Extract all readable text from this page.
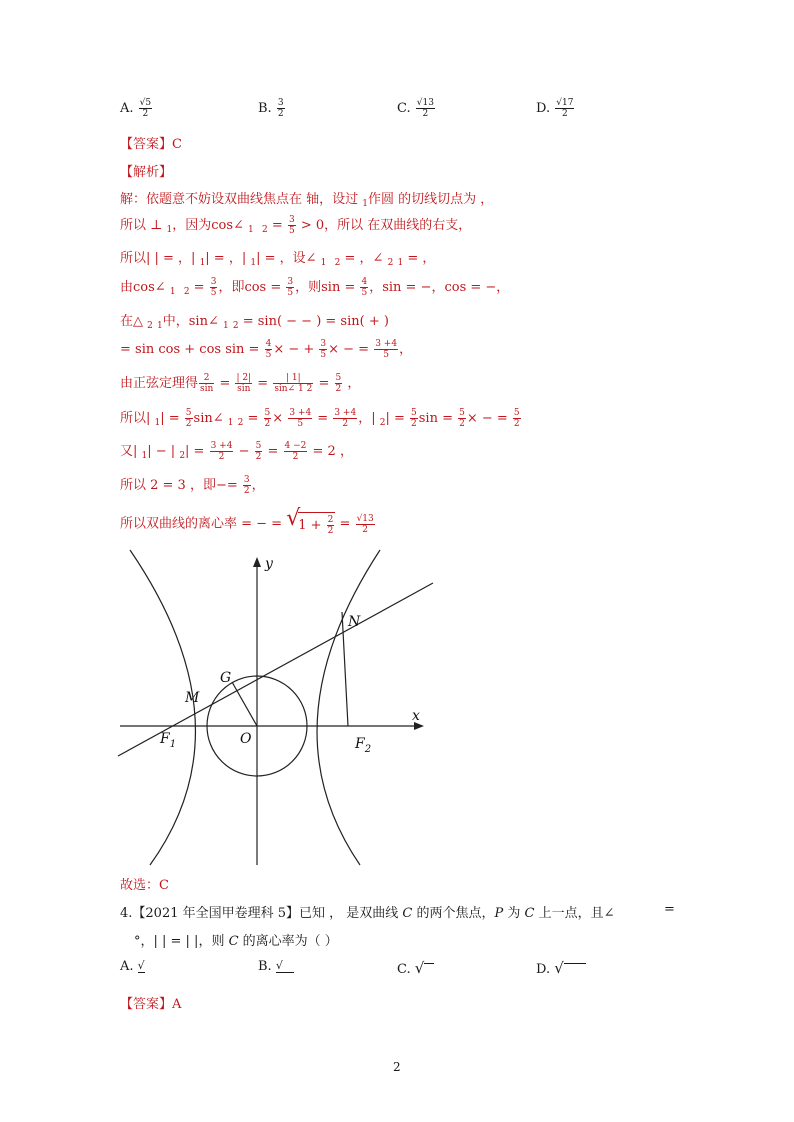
A. $\frac{√5}{2}$	B. $\frac{3}{2}$	C. $\frac{√13}{2}$	D. $\frac{√17}{2}$
【答案】C
【解析】
解：依题意不妨设双曲线焦点在 轴，设过 $_1$作圆 的切线切点为 ，
所以 ⊥ $_1$，因为cos∠ $_1$ $_2 = \frac{3}{5} > 0$，所以 在双曲线的右支，
所以| | = ，| $_1$| = ，| $_1$| = ，设∠ $_1$ $_2$ = ，∠ $_2$ $_1$ = ，
由cos∠ $_1$ $_2 = \frac{3}{5}$ ，即$\cos = \frac{3}{5}$ ，则$\sin = \frac{4}{5}$ ，sin = −，cos = −，
在△ $_2$ $_1$中，sin∠ $_1$ $_2$ = sin( − − ) = sin( + )
= $\sin \cos + \cos \sin = \frac{4}{5}$ × − + $\frac{3}{5}$ × − = $\frac{3 +4}{5}$ ，
由正弦定理得 $\frac{2}{\sin} = \frac{| 2|}{\sin} = \frac{| 1|}{\sin\angle 1 2} = \frac{5}{2}$ ，
所以| $_1| = \frac{5}{2}$ sin∠ $_1$ $_2 = \frac{5}{2} \times \frac{3 +4}{5} = \frac{3 +4}{2}$ ，| $_2| = \frac{5}{2}$ $\sin = \frac{5}{2}$ × − = $\frac{5}{2}$
又| $_1$| − | $_2| = \frac{3 +4}{2} - \frac{5}{2} = \frac{4 -2}{2} = 2$ ，
所以 2 = 3 ，即−= $\frac{3}{2}$ ，
所以双曲线的离心率 = − = √
$1 + \frac{2}{2} = \frac{√13}{2}$
y
x
N
G
M
O
$F_1$	$F_2$
故选：C
4.【2021 年全国甲卷理科 5】已知 ， 是双曲线 C 的两个焦点，P 为 C 上一点，且∠	=
°，| | = | |，则 C 的离心率为（ ）
A. √	B. √	C. √	D. √
【答案】A
2
